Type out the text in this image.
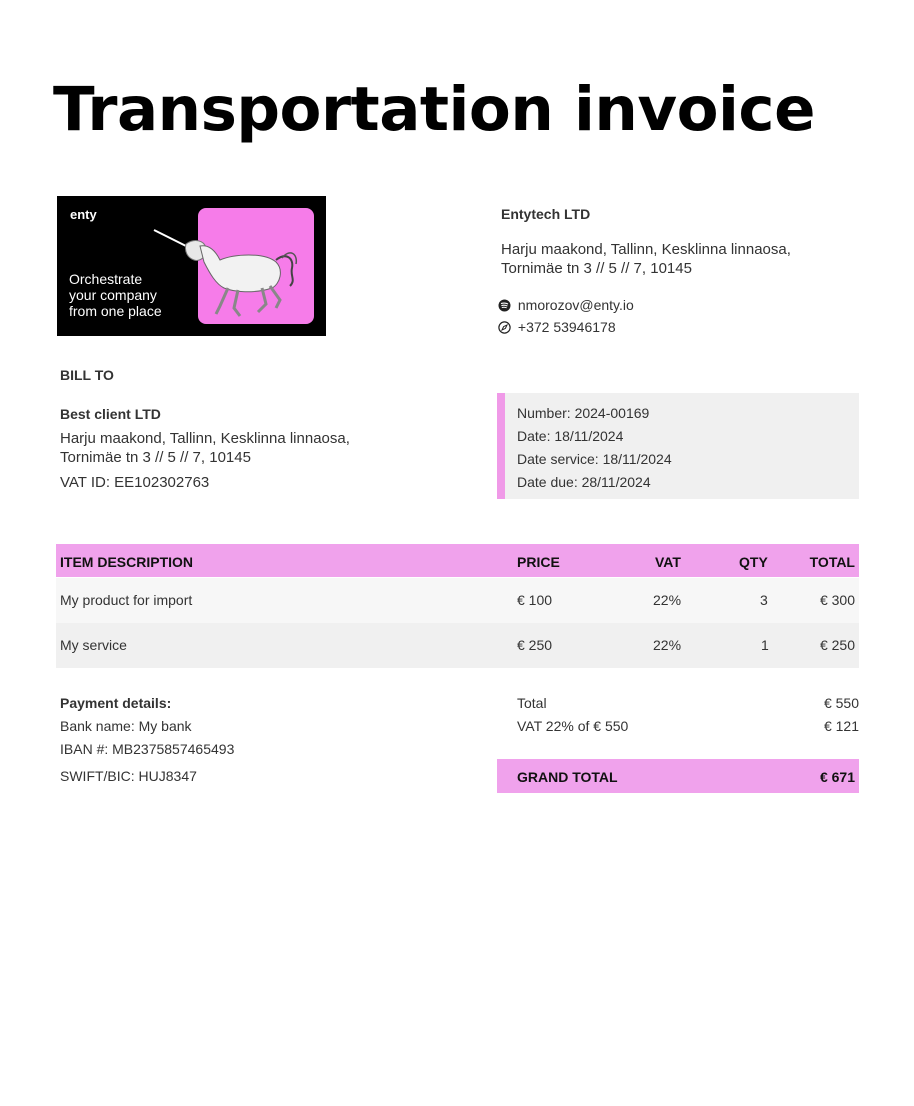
Transportation invoice
enty
Orchestrate
your company
from one place
Entytech LTD
Harju maakond, Tallinn, Kesklinna linnaosa,
Tornimäe tn 3 // 5 // 7, 10145
nmorozov@enty.io
+372 53946178
BILL TO
Best client LTD
Harju maakond, Tallinn, Kesklinna linnaosa,
Tornimäe tn 3 // 5 // 7, 10145
VAT ID: EE102302763
Number: 2024-00169
Date: 18/11/2024
Date service: 18/11/2024
Date due: 28/11/2024
ITEM DESCRIPTION	PRICE	VAT	QTY	TOTAL
My product for import	€ 100	22%	3	€ 300
My service	€ 250	22%	1	€ 250
Payment details:
Bank name: My bank
IBAN #: MB2375857465493
SWIFT/BIC: HUJ8347
Total	€ 550
VAT 22% of € 550	€ 121
GRAND TOTAL	€ 671
